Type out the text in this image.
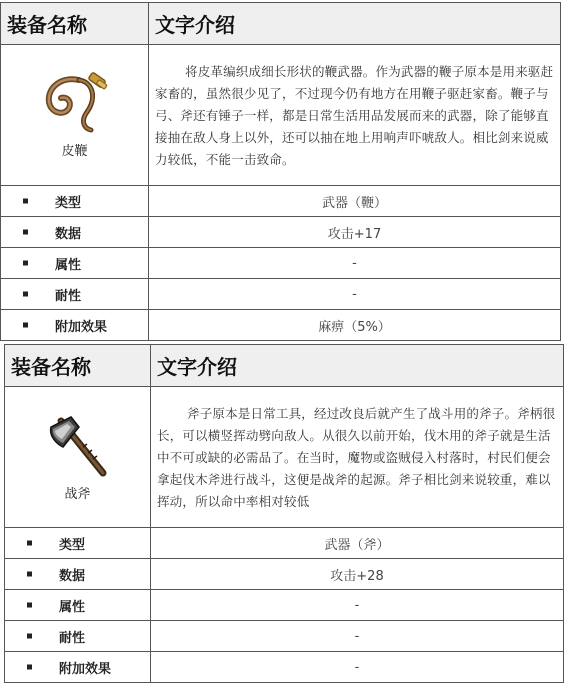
装备名称	文字介绍

皮鞭	将皮革编织成细长形状的鞭武器。作为武器的鞭子原本是用来驱赶家畜的，虽然很少见了，不过现今仍有地方在用鞭子驱赶家畜。鞭子与弓、斧还有锤子一样，都是日常生活用品发展而来的武器，除了能够直接抽在敌人身上以外，还可以抽在地上用响声吓唬敌人。相比剑来说威力较低，不能一击致命。

类型	武器（鞭）

数据	攻击+17

属性	-

耐性	-

附加效果	麻痹（5%）
装备名称	文字介绍

战斧	斧子原本是日常工具，经过改良后就产生了战斗用的斧子。斧柄很长，可以横竖挥动劈向敌人。从很久以前开始，伐木用的斧子就是生活中不可或缺的必需品了。在当时，魔物或盗贼侵入村落时，村民们便会拿起伐木斧进行战斗，这便是战斧的起源。斧子相比剑来说较重，难以挥动，所以命中率相对较低

类型	武器（斧）

数据	攻击+28

属性	-

耐性	-

附加效果	-
